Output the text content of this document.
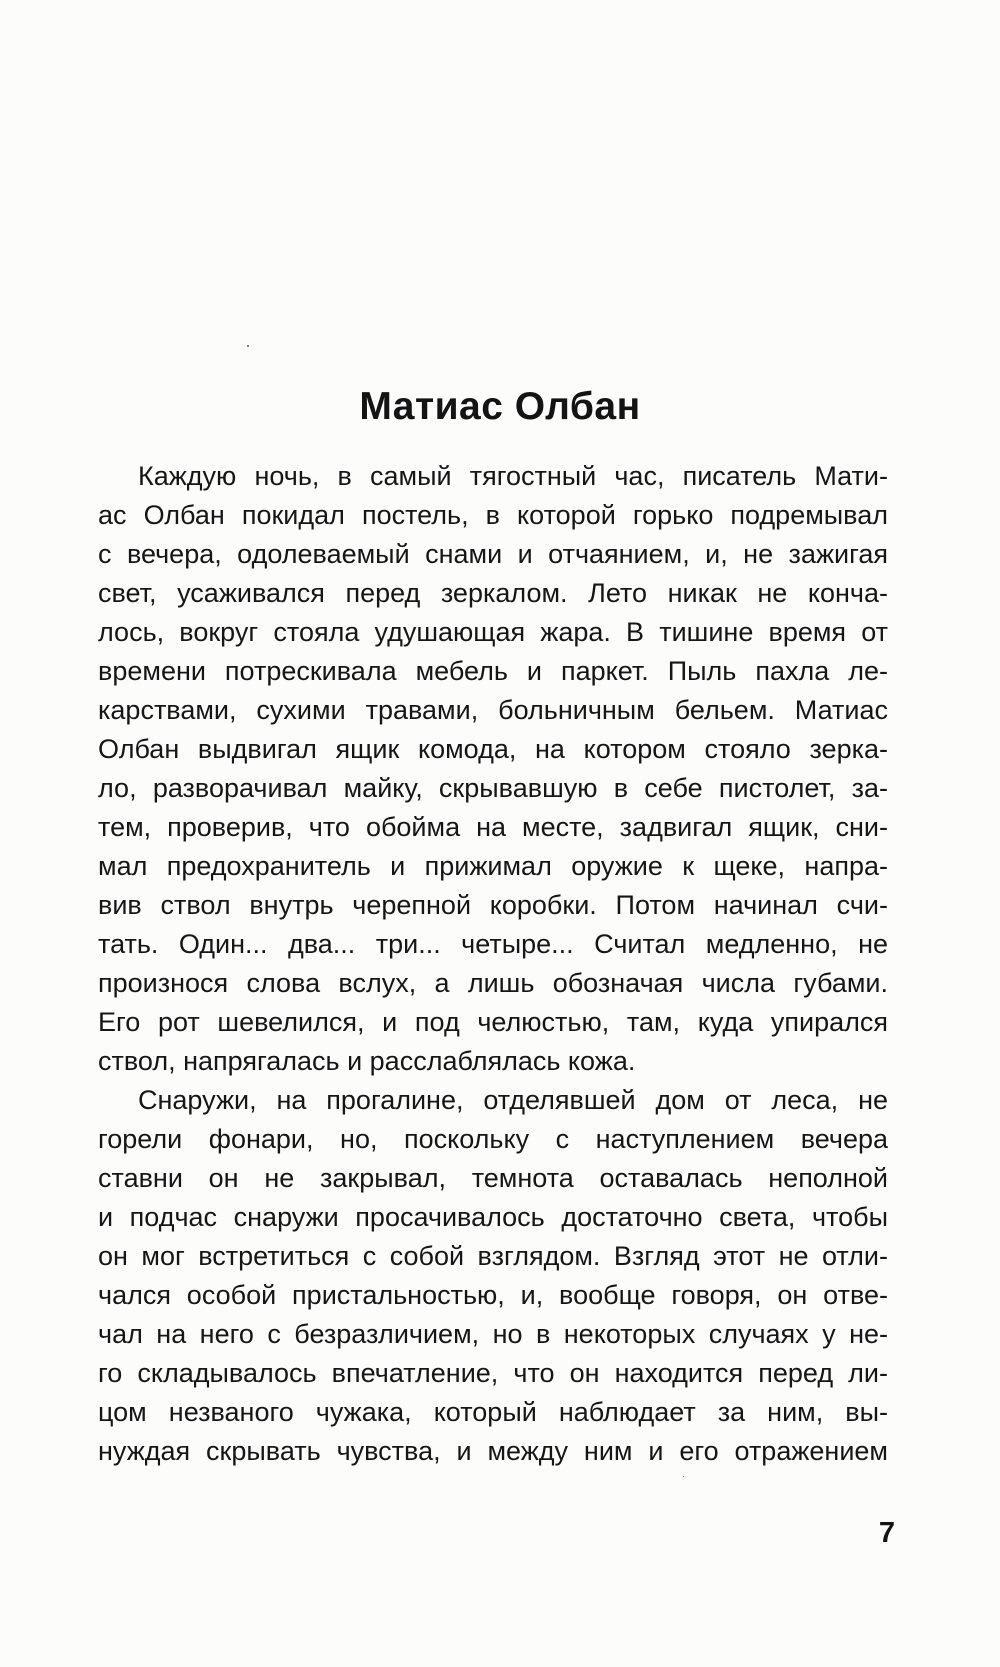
Матиас Олбан
Каждую ночь, в самый тягостный час, писатель Мати-
ас Олбан покидал постель, в которой горько подремывал
с вечера, одолеваемый снами и отчаянием, и, не зажигая
свет, усаживался перед зеркалом. Лето никак не конча-
лось, вокруг стояла удушающая жара. В тишине время от
времени потрескивала мебель и паркет. Пыль пахла ле-
карствами, сухими травами, больничным бельем. Матиас
Олбан выдвигал ящик комода, на котором стояло зерка-
ло, разворачивал майку, скрывавшую в себе пистолет, за-
тем, проверив, что обойма на месте, задвигал ящик, сни-
мал предохранитель и прижимал оружие к щеке, напра-
вив ствол внутрь черепной коробки. Потом начинал счи-
тать. Один... два... три... четыре... Считал медленно, не
произнося слова вслух, а лишь обозначая числа губами.
Его рот шевелился, и под челюстью, там, куда упирался
ствол, напрягалась и расслаблялась кожа.
Снаружи, на прогалине, отделявшей дом от леса, не
горели фонари, но, поскольку с наступлением вечера
ставни он не закрывал, темнота оставалась неполной
и подчас снаружи просачивалось достаточно света, чтобы
он мог встретиться с собой взглядом. Взгляд этот не отли-
чался особой пристальностью, и, вообще говоря, он отве-
чал на него с безразличием, но в некоторых случаях у не-
го складывалось впечатление, что он находится перед ли-
цом незваного чужака, который наблюдает за ним, вы-
нуждая скрывать чувства, и между ним и его отражением
7
